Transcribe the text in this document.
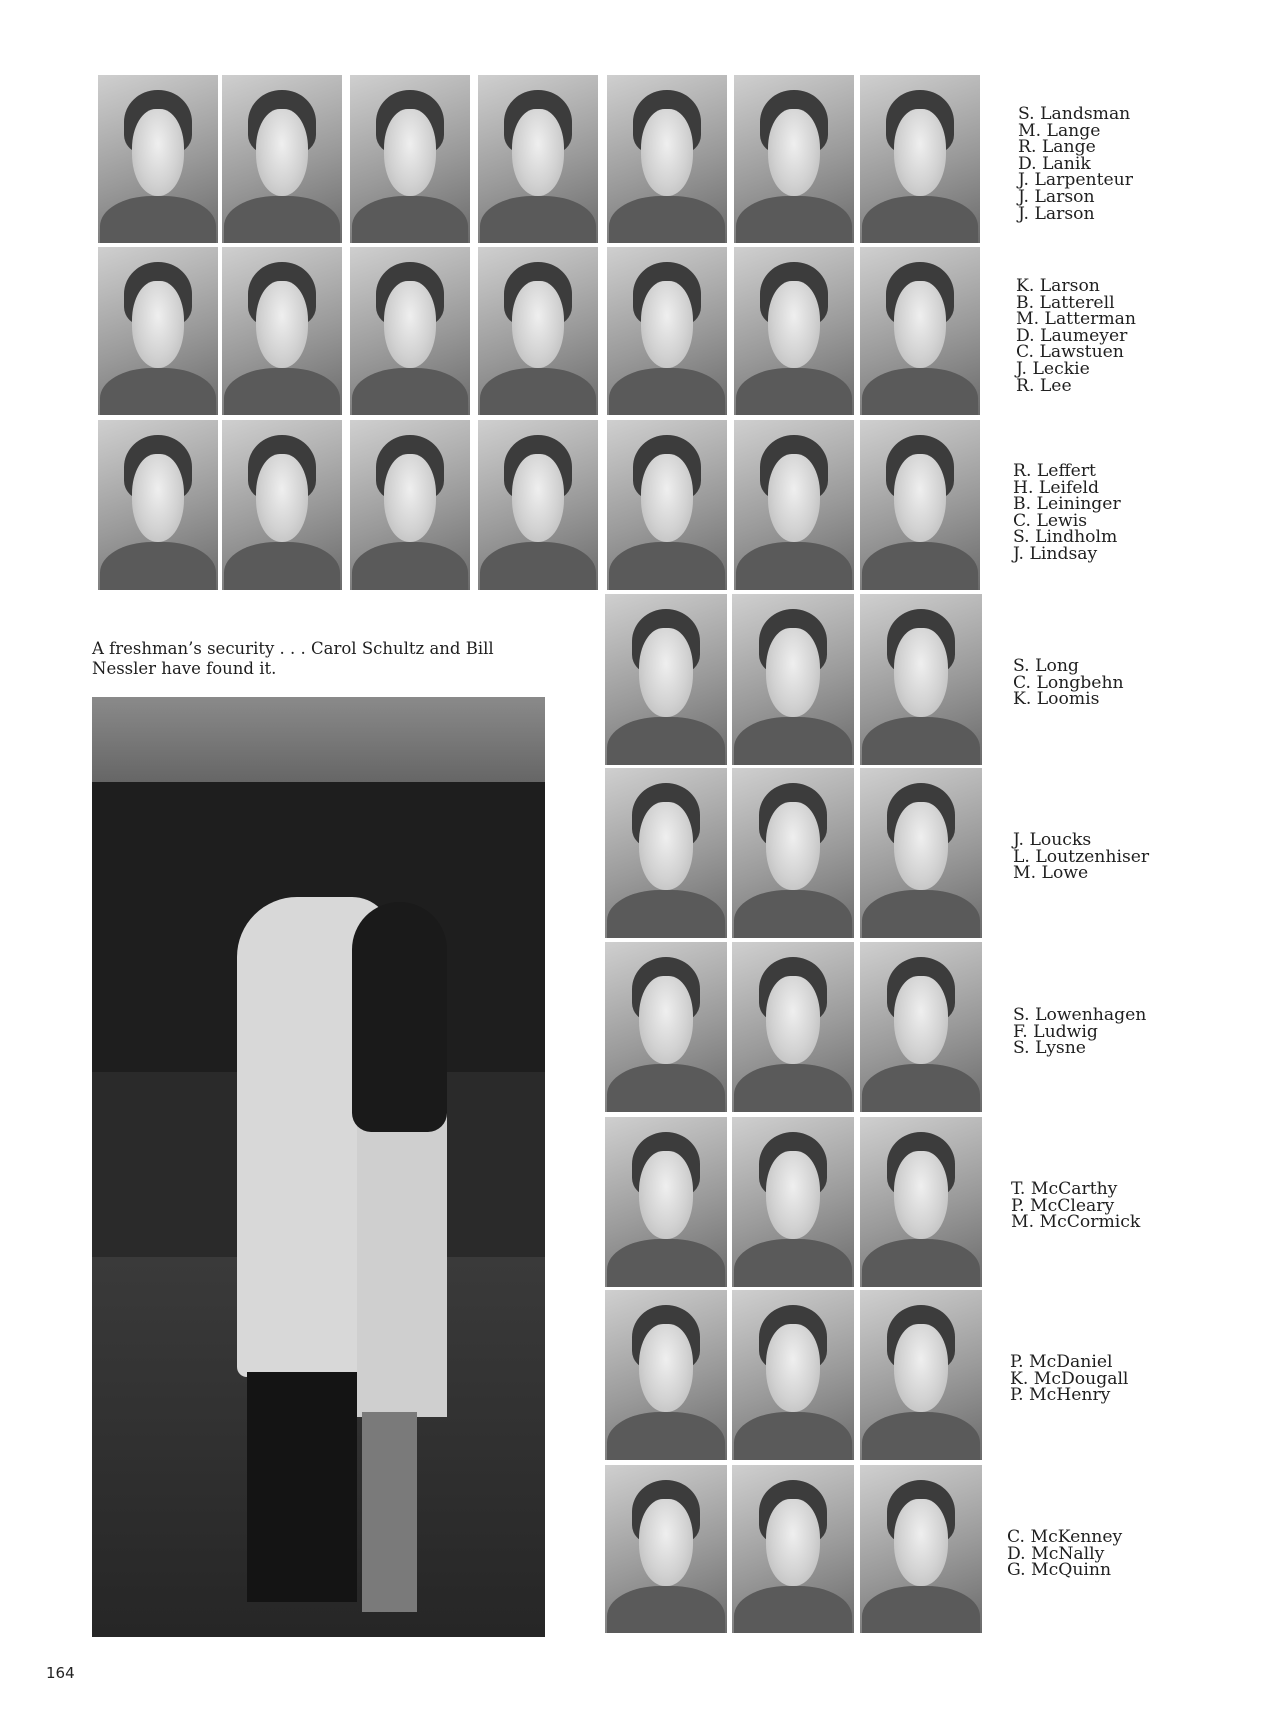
S. Landsman
M. Lange
R. Lange
D. Lanik
J. Larpenteur
J. Larson
J. Larson
K. Larson
B. Latterell
M. Latterman
D. Laumeyer
C. Lawstuen
J. Leckie
R. Lee
R. Leffert
H. Leifeld
B. Leininger
C. Lewis
S. Lindholm
J. Lindsay
S. Long
C. Longbehn
K. Loomis
J. Loucks
L. Loutzenhiser
M. Lowe
S. Lowenhagen
F. Ludwig
S. Lysne
T. McCarthy
P. McCleary
M. McCormick
P. McDaniel
K. McDougall
P. McHenry
C. McKenney
D. McNally
G. McQuinn
A freshman’s security . . . Carol Schultz and Bill Nessler have found it.
164
